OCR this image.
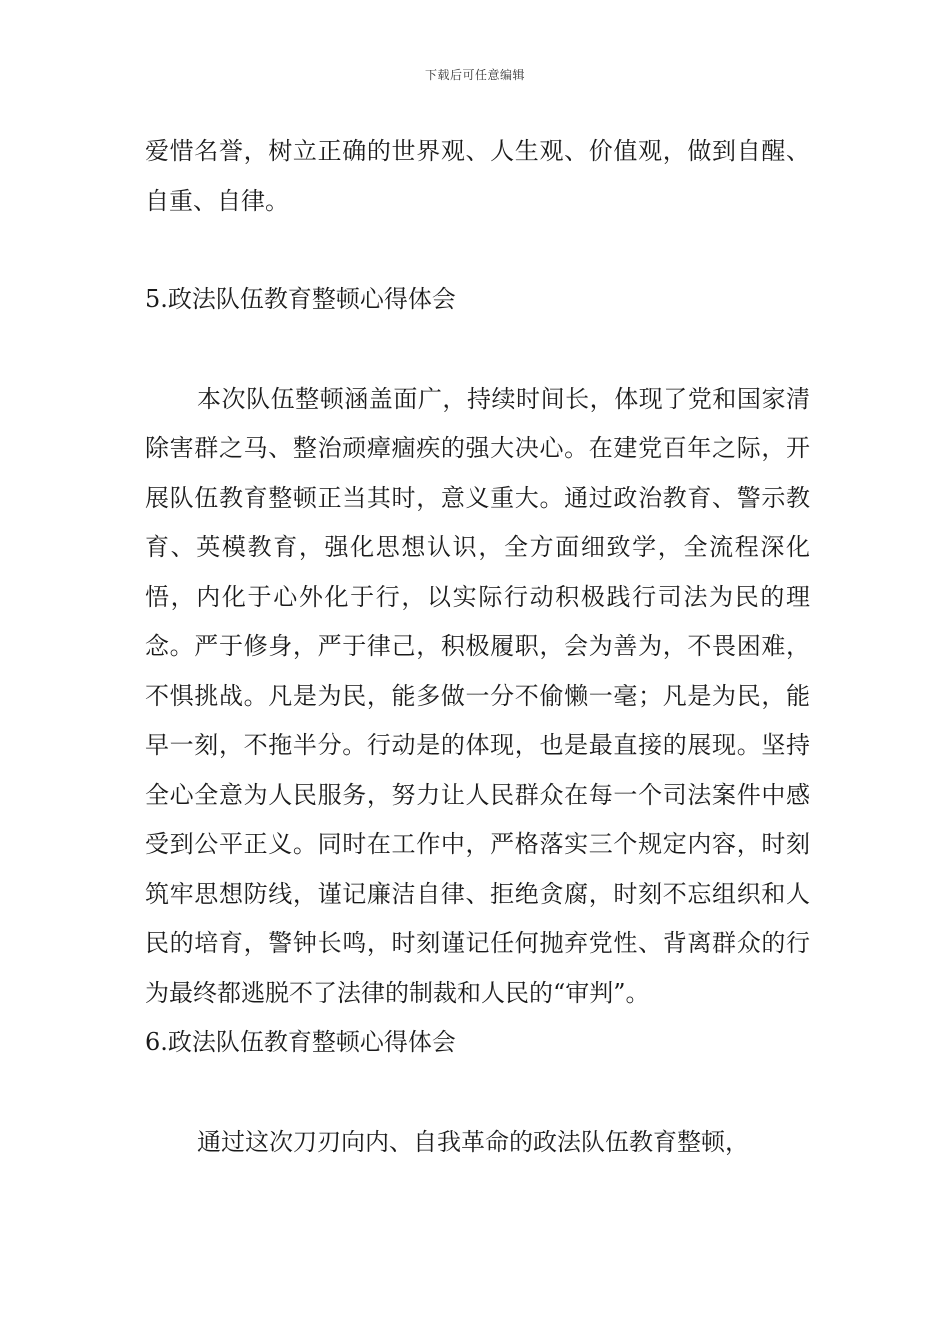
下载后可任意编辑

爱惜名誉，树立正确的世界观、人生观、价值观，做到自醒、自重、自律。

5.政法队伍教育整顿心得体会

本次队伍整顿涵盖面广，持续时间长，体现了党和国家清除害群之马、整治顽瘴痼疾的强大决心。在建党百年之际，开展队伍教育整顿正当其时，意义重大。通过政治教育、警示教育、英模教育，强化思想认识，全方面细致学，全流程深化悟，内化于心外化于行，以实际行动积极践行司法为民的理念。严于修身，严于律己，积极履职，会为善为，不畏困难，不惧挑战。凡是为民，能多做一分不偷懒一毫；凡是为民，能早一刻，不拖半分。行动是的体现，也是最直接的展现。坚持全心全意为人民服务，努力让人民群众在每一个司法案件中感受到公平正义。同时在工作中，严格落实三个规定内容，时刻筑牢思想防线，谨记廉洁自律、拒绝贪腐，时刻不忘组织和人民的培育，警钟长鸣，时刻谨记任何抛弃党性、背离群众的行为最终都逃脱不了法律的制裁和人民的“审判”。

6.政法队伍教育整顿心得体会

通过这次刀刃向内、自我革命的政法队伍教育整顿，
